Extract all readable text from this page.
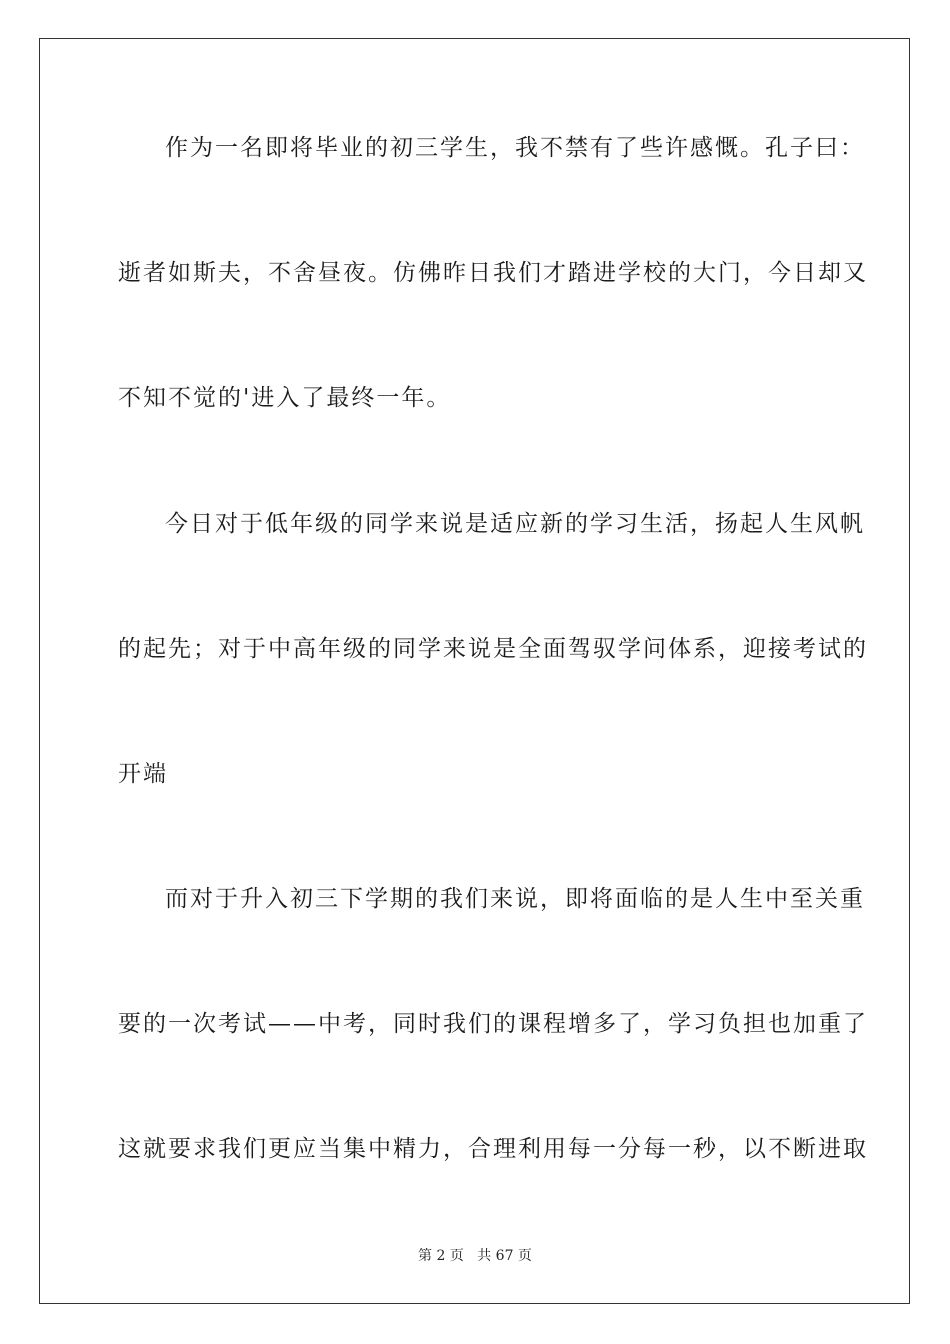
作为一名即将毕业的初三学生，我不禁有了些许感慨。孔子曰：
逝者如斯夫，不舍昼夜。仿佛昨日我们才踏进学校的大门，今日却又
不知不觉的'进入了最终一年。
今日对于低年级的同学来说是适应新的学习生活，扬起人生风帆
的起先；对于中高年级的同学来说是全面驾驭学问体系，迎接考试的
开端
而对于升入初三下学期的我们来说，即将面临的是人生中至关重
要的一次考试——中考，同时我们的课程增多了，学习负担也加重了
这就要求我们更应当集中精力，合理利用每一分每一秒，以不断进取
第 2 页 共 67 页
